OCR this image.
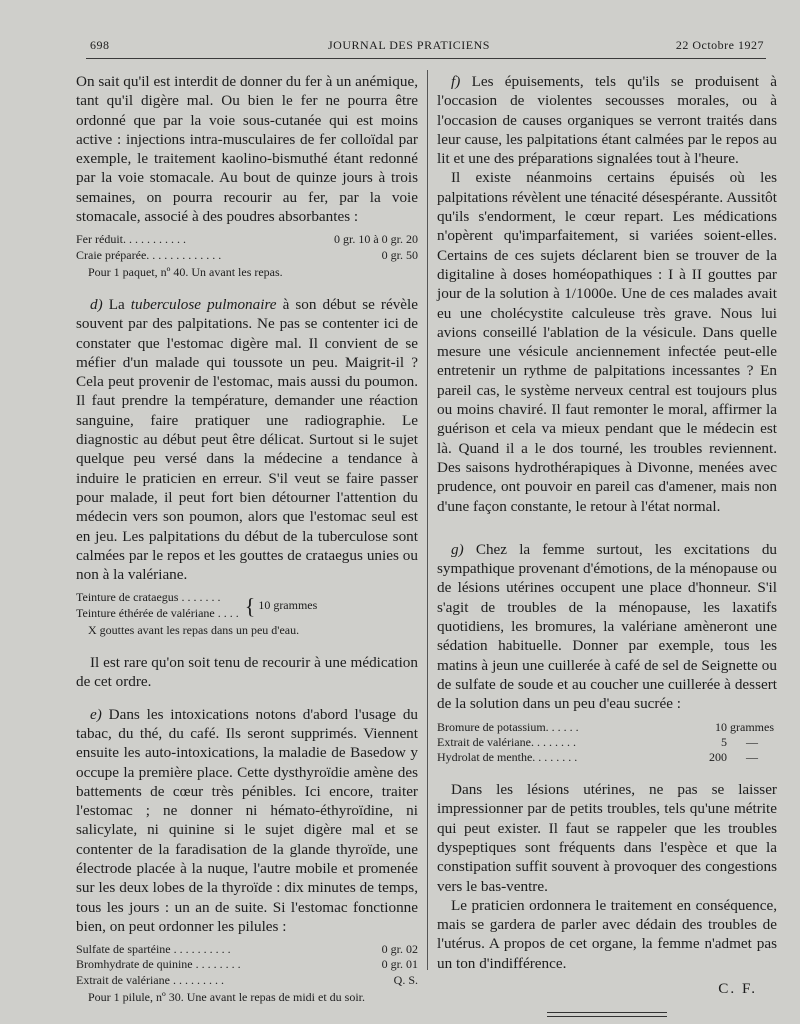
698	JOURNAL DES PRATICIENS	22 Octobre 1927

On sait qu'il est interdit de donner du fer à un anémique, tant qu'il digère mal. Ou bien le fer ne pourra être ordonné que par la voie sous-cutanée qui est moins active : injections intra-musculaires de fer colloïdal par exemple, le traitement kaolino-bismuthé étant redonné par la voie stomacale. Au bout de quinze jours à trois semaines, on pourra recourir au fer, par la voie stomacale, associé à des poudres absorbantes :

Fer réduit. . . . . . . . . . .	0 gr. 10 à 0 gr. 20
Craie préparée. . . . . . . . . . . . .	0 gr. 50
Pour 1 paquet, nº 40. Un avant les repas.

d) La tuberculose pulmonaire à son début se révèle souvent par des palpitations. Ne pas se contenter ici de constater que l'estomac digère mal. Il convient de se méfier d'un malade qui toussote un peu. Maigrit-il ? Cela peut provenir de l'estomac, mais aussi du poumon. Il faut prendre la température, demander une réaction sanguine, faire pratiquer une radiographie. Le diagnostic au début peut être délicat. Surtout si le sujet quelque peu versé dans la médecine a tendance à induire le praticien en erreur. S'il veut se faire passer pour malade, il peut fort bien détourner l'attention du médecin vers son poumon, alors que l'estomac seul est en jeu. Les palpitations du début de la tuberculose sont calmées par le repos et les gouttes de crataegus unies ou non à la valériane.

Teinture de crataegus . . . . . . .
Teinture éthérée de valériane . . . . { 10 grammes
X gouttes avant les repas dans un peu d'eau.

Il est rare qu'on soit tenu de recourir à une médication de cet ordre.

e) Dans les intoxications notons d'abord l'usage du tabac, du thé, du café. Ils seront supprimés. Viennent ensuite les auto-intoxications, la maladie de Basedow y occupe la première place. Cette dysthyroïdie amène des battements de cœur très pénibles. Ici encore, traiter l'estomac ; ne donner ni hémato-éthyroïdine, ni salicylate, ni quinine si le sujet digère mal et se contenter de la faradisation de la glande thyroïde, une électrode placée à la nuque, l'autre mobile et promenée sur les deux lobes de la thyroïde : dix minutes de temps, tous les jours : un an de suite. Si l'estomac fonctionne bien, on peut ordonner les pilules :

Sulfate de spartéine . . . . . . . . . .	0 gr. 02
Bromhydrate de quinine . . . . . . . .	0 gr. 01
Extrait de valériane . . . . . . . . .	Q. S.
Pour 1 pilule, nº 30. Une avant le repas de midi et du soir.

f) Les épuisements, tels qu'ils se produisent à l'occasion de violentes secousses morales, ou à l'occasion de causes organiques se verront traités dans leur cause, les palpitations étant calmées par le repos au lit et une des préparations signalées tout à l'heure.

Il existe néanmoins certains épuisés où les palpitations révèlent une ténacité désespérante. Aussitôt qu'ils s'endorment, le cœur repart. Les médications n'opèrent qu'imparfaitement, si variées soient-elles. Certains de ces sujets déclarent bien se trouver de la digitaline à doses homéopathiques : I à II gouttes par jour de la solution à 1/1000e. Une de ces malades avait eu une cholécystite calculeuse très grave. Nous lui avions conseillé l'ablation de la vésicule. Dans quelle mesure une vésicule anciennement infectée peut-elle entretenir un rythme de palpitations incessantes ? En pareil cas, le système nerveux central est toujours plus ou moins chaviré. Il faut remonter le moral, affirmer la guérison et cela va mieux pendant que le médecin est là. Quand il a le dos tourné, les troubles reviennent. Des saisons hydrothérapiques à Divonne, menées avec prudence, ont pouvoir en pareil cas d'amener, mais non d'une façon constante, le retour à l'état normal.

g) Chez la femme surtout, les excitations du sympathique provenant d'émotions, de la ménopause ou de lésions utérines occupent une place d'honneur. S'il s'agit de troubles de la ménopause, les laxatifs quotidiens, les bromures, la valériane amèneront une sédation habituelle. Donner par exemple, tous les matins à jeun une cuillerée à café de sel de Seignette ou de sulfate de soude et au coucher une cuillerée à dessert de la solution dans un peu d'eau sucrée :

Bromure de potassium. . . . . .	10 grammes
Extrait de valériane. . . . . . . .	5	—
Hydrolat de menthe. . . . . . . .	200	—

Dans les lésions utérines, ne pas se laisser impressionner par de petits troubles, tels qu'une métrite qui peut exister. Il faut se rappeler que les troubles dyspeptiques sont fréquents dans l'espèce et que la constipation suffit souvent à provoquer des congestions vers le bas-ventre.

Le praticien ordonnera le traitement en conséquence, mais se gardera de parler avec dédain des troubles de l'utérus. A propos de cet organe, la femme n'admet pas un ton d'indifférence.

C. F.
